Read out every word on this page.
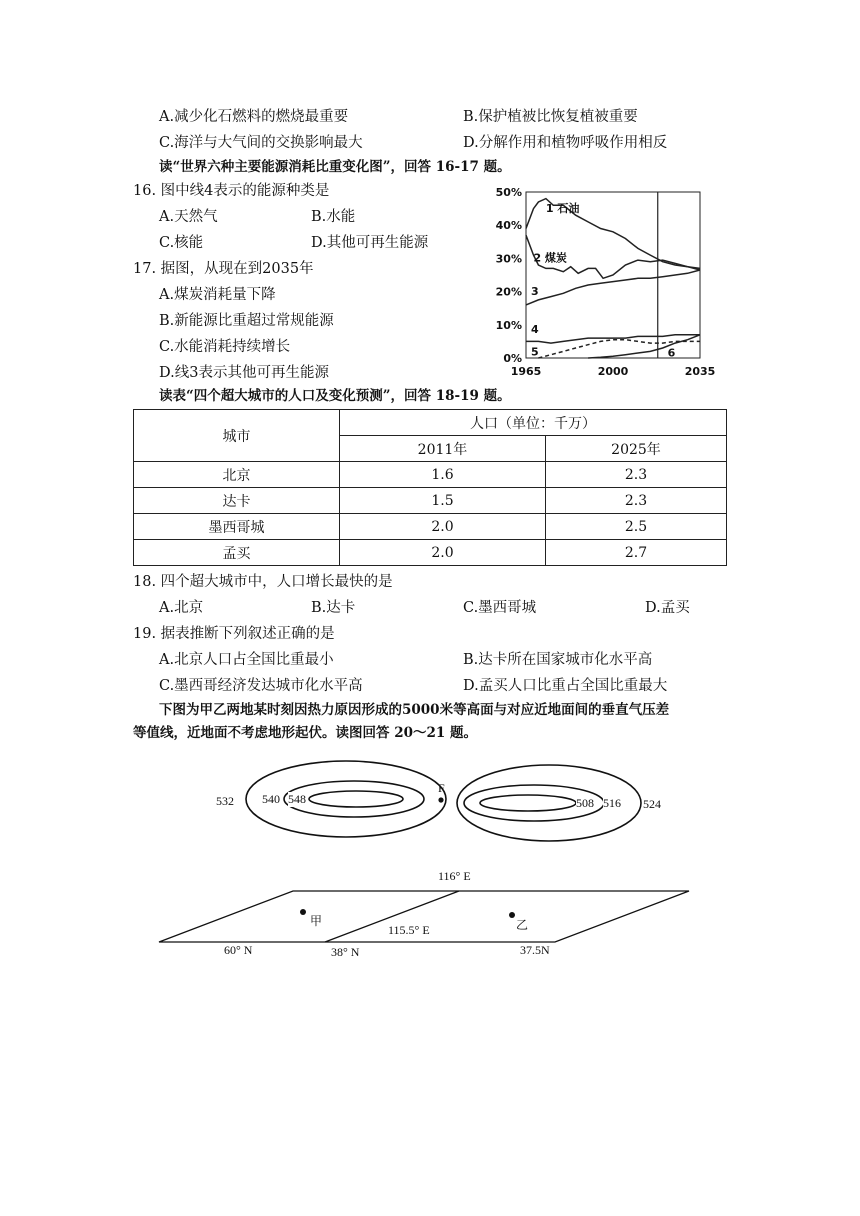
A.减少化石燃料的燃烧最重要	B.保护植被比恢复植被重要
C.海洋与大气间的交换影响最大	D.分解作用和植物呼吸作用相反
读“世界六种主要能源消耗比重变化图”，回答 16-17 题。
16. 图中线4表示的能源种类是
A.天然气	B.水能
C.核能	D.其他可再生能源
17. 据图，从现在到2035年
A.煤炭消耗量下降
B.新能源比重超过常规能源
C.水能消耗持续增长
D.线3表示其他可再生能源
0%
10%
20%
30%
40%
50%
1965	2000	2035
1 石油
2 煤炭
3
4
5	6
读表“四个超大城市的人口及变化预测”，回答 18-19 题。
城市	人口（单位：千万）	
	2011年	2025年
北京	1.6	2.3
达卡	1.5	2.3
墨西哥城	2.0	2.5
孟买	2.0	2.7
18. 四个超大城市中，人口增长最快的是
A.北京	B.达卡	C.墨西哥城	D.孟买
19. 据表推断下列叙述正确的是
A.北京人口占全国比重最小	B.达卡所在国家城市化水平高
C.墨西哥经济发达城市化水平高	D.孟买人口比重占全国比重最大
下图为甲乙两地某时刻因热力原因形成的5000米等高面与对应近地面间的垂直气压差
等值线，近地面不考虑地形起伏。读图回答 20～21 题。
532 540 548
F
508 516 524
116° E
115.5° E
甲	乙
60° N	38° N	37.5N
